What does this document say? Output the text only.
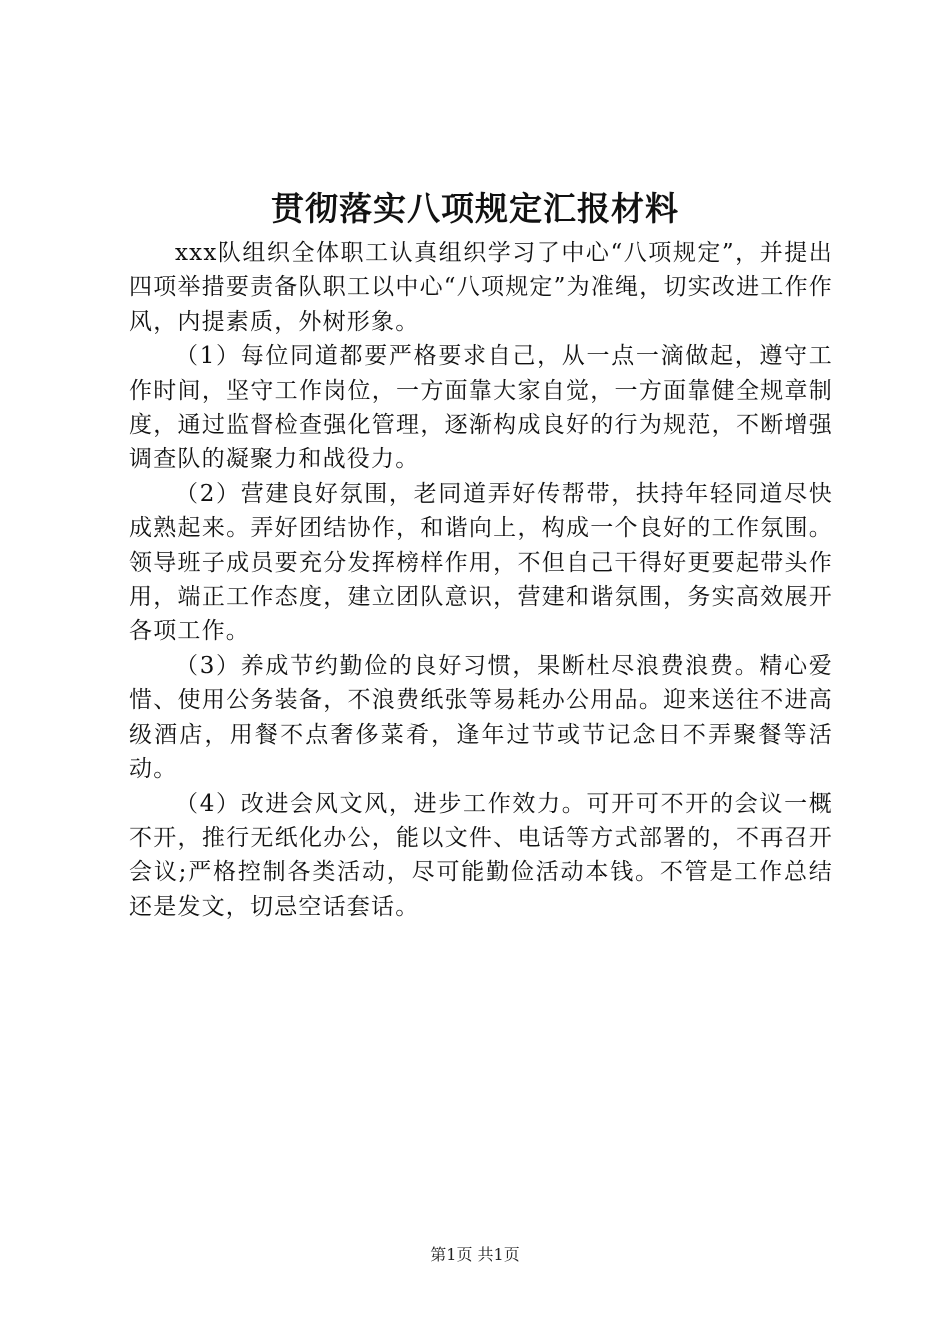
贯彻落实八项规定汇报材料

xxx队组织全体职工认真组织学习了中心“八项规定”，并提出四项举措要责备队职工以中心“八项规定”为准绳，切实改进工作作风，内提素质，外树形象。

（1）每位同道都要严格要求自己，从一点一滴做起，遵守工作时间，坚守工作岗位，一方面靠大家自觉，一方面靠健全规章制度，通过监督检查强化管理，逐渐构成良好的行为规范，不断增强调查队的凝聚力和战役力。

（2）营建良好氛围，老同道弄好传帮带，扶持年轻同道尽快成熟起来。弄好团结协作，和谐向上，构成一个良好的工作氛围。领导班子成员要充分发挥榜样作用，不但自己干得好更要起带头作用，端正工作态度，建立团队意识，营建和谐氛围，务实高效展开各项工作。

（3）养成节约勤俭的良好习惯，果断杜尽浪费浪费。精心爱惜、使用公务装备，不浪费纸张等易耗办公用品。迎来送往不进高级酒店，用餐不点奢侈菜肴，逢年过节或节记念日不弄聚餐等活动。

（4）改进会风文风，进步工作效力。可开可不开的会议一概不开，推行无纸化办公，能以文件、电话等方式部署的，不再召开会议;严格控制各类活动，尽可能勤俭活动本钱。不管是工作总结还是发文，切忌空话套话。

第1页 共1页
